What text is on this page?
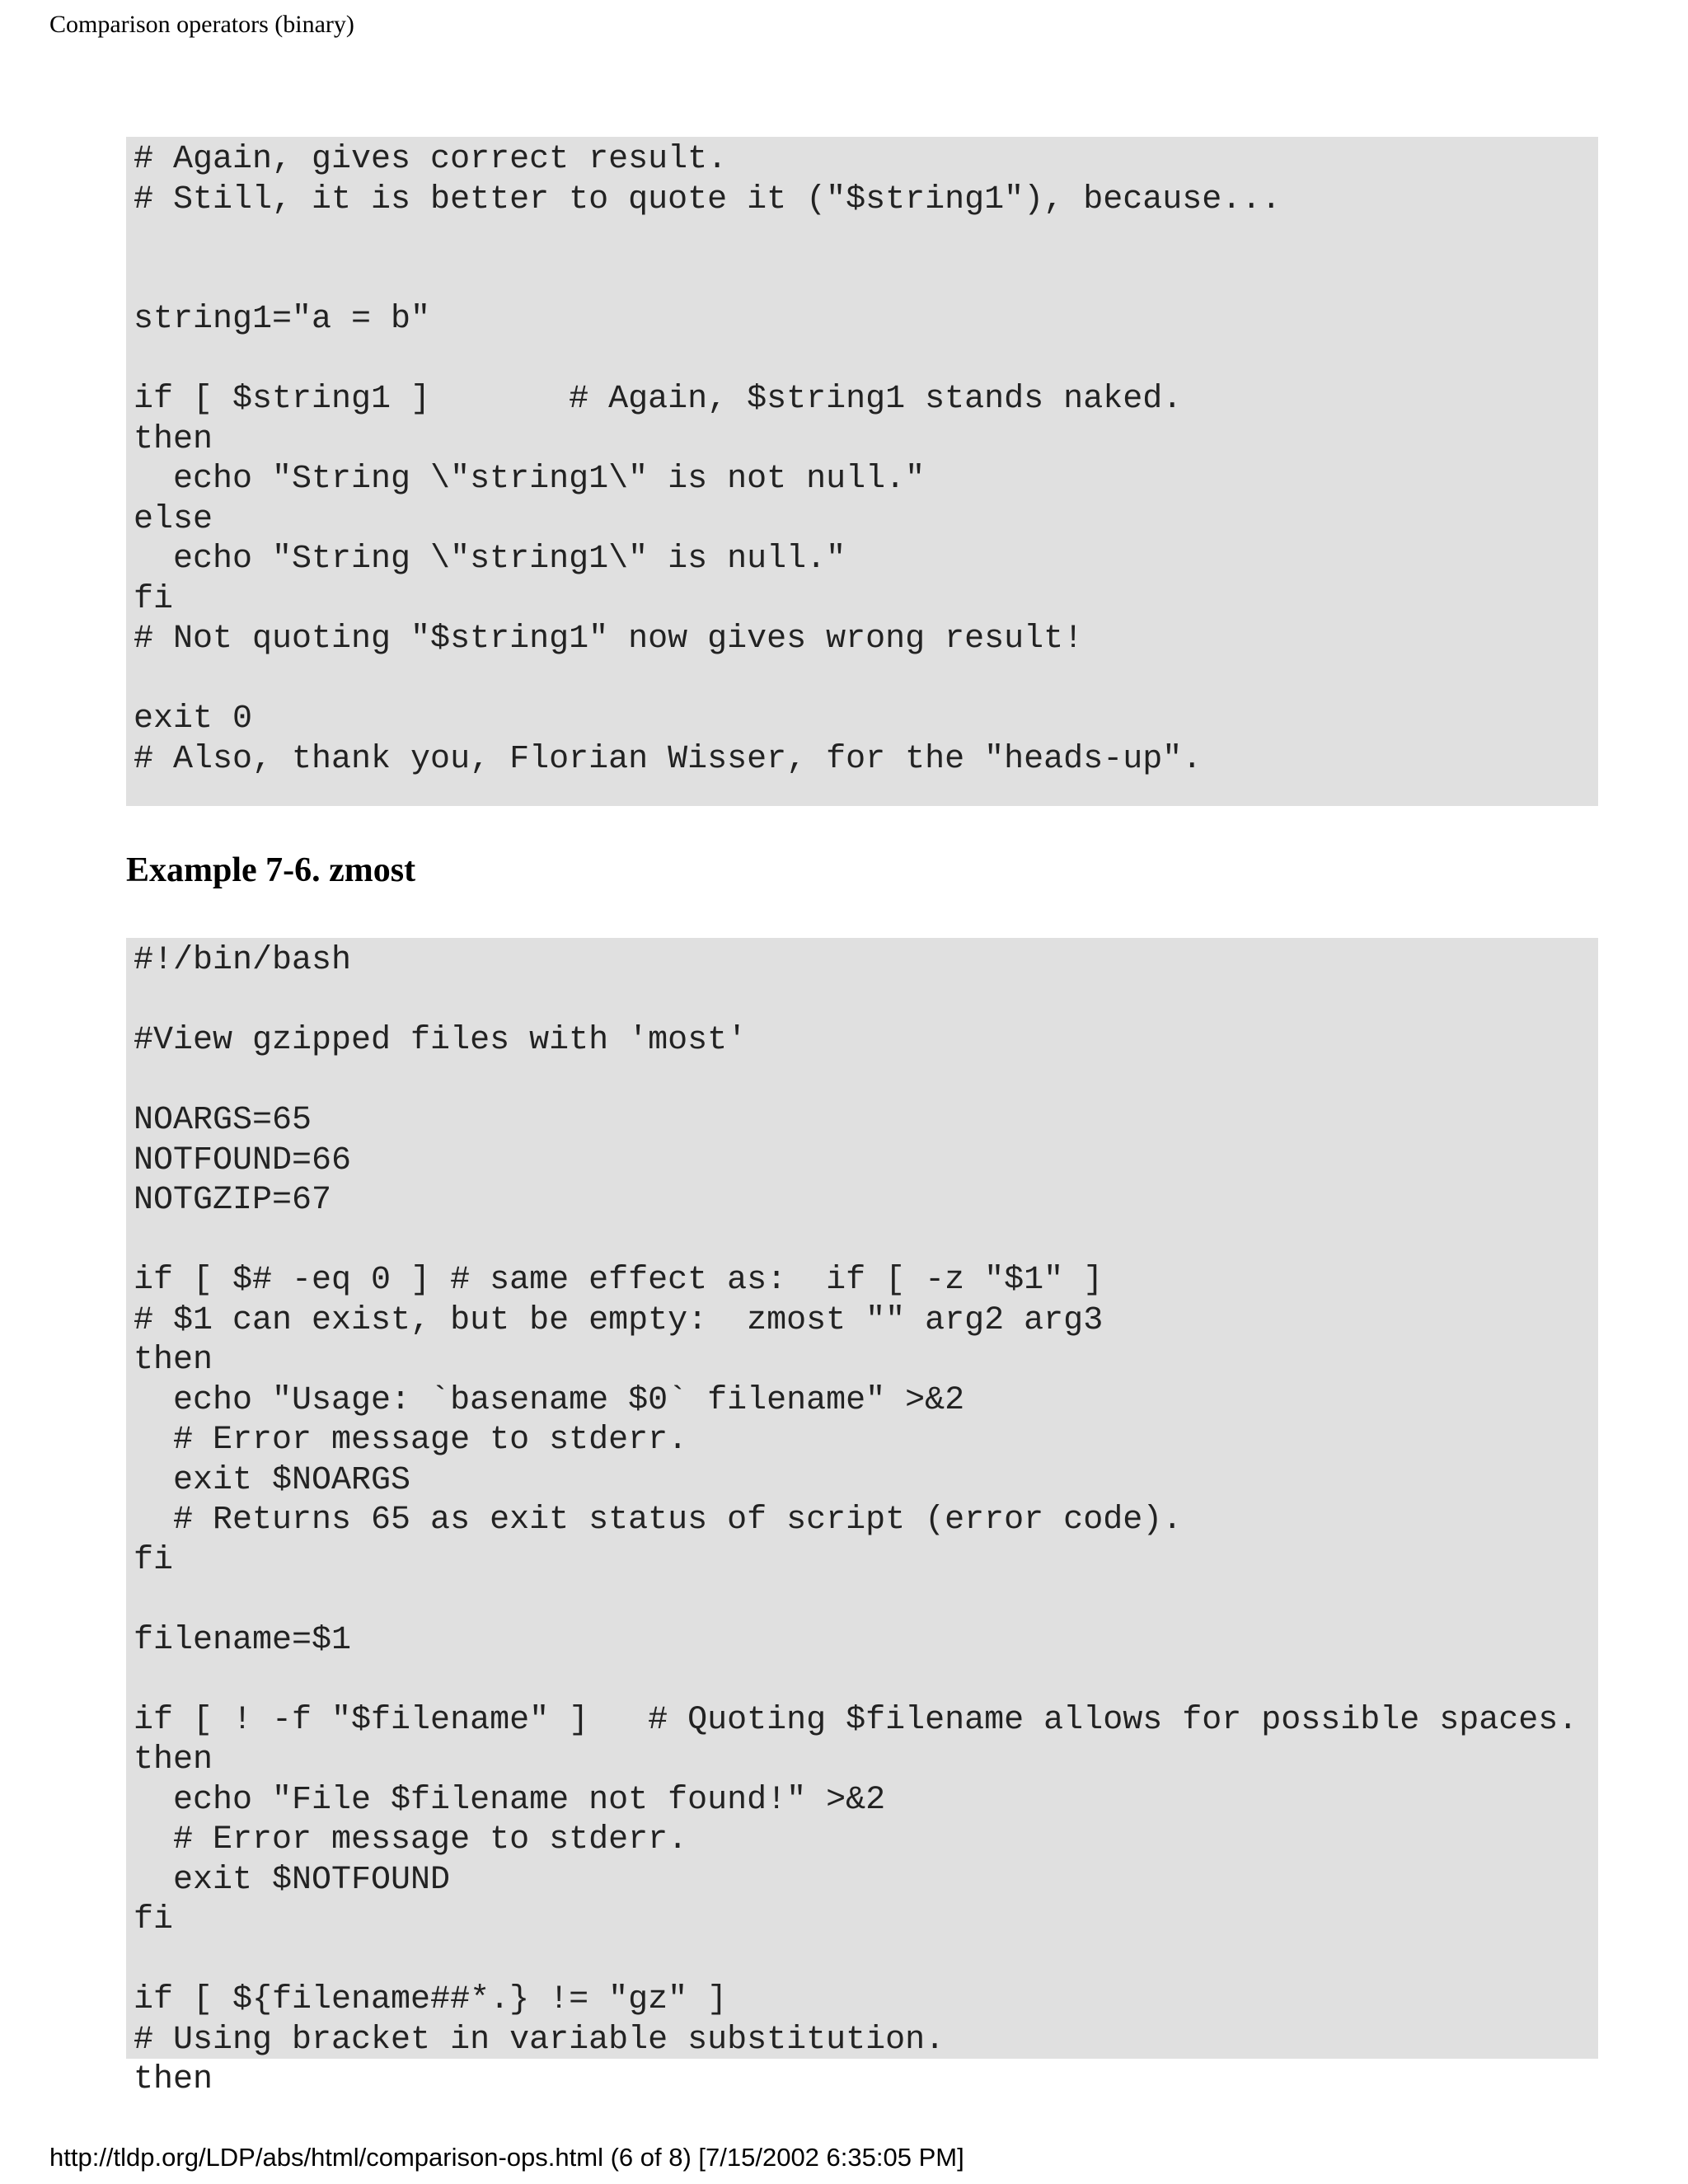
Comparison operators (binary)
# Again, gives correct result.
# Still, it is better to quote it ("$string1"), because...

string1="a = b"

if [ $string1 ]       # Again, $string1 stands naked.
then
echo "String \"string1\" is not null."
else
echo "String \"string1\" is null."
fi
# Not quoting "$string1" now gives wrong result!

exit 0
# Also, thank you, Florian Wisser, for the "heads-up".
Example 7-6. zmost
#!/bin/bash

#View gzipped files with 'most'

NOARGS=65
NOTFOUND=66
NOTGZIP=67

if [ $# -eq 0 ] # same effect as:  if [ -z "$1" ]
# $1 can exist, but be empty:  zmost "" arg2 arg3
then
echo "Usage: `basename $0` filename" >&2
# Error message to stderr.
exit $NOARGS
# Returns 65 as exit status of script (error code).
fi

filename=$1

if [ ! -f "$filename" ]   # Quoting $filename allows for possible spaces.
then
echo "File $filename not found!" >&2
# Error message to stderr.
exit $NOTFOUND
fi

if [ ${filename##*.} != "gz" ]
# Using bracket in variable substitution.
then
http://tldp.org/LDP/abs/html/comparison-ops.html (6 of 8) [7/15/2002 6:35:05 PM]
